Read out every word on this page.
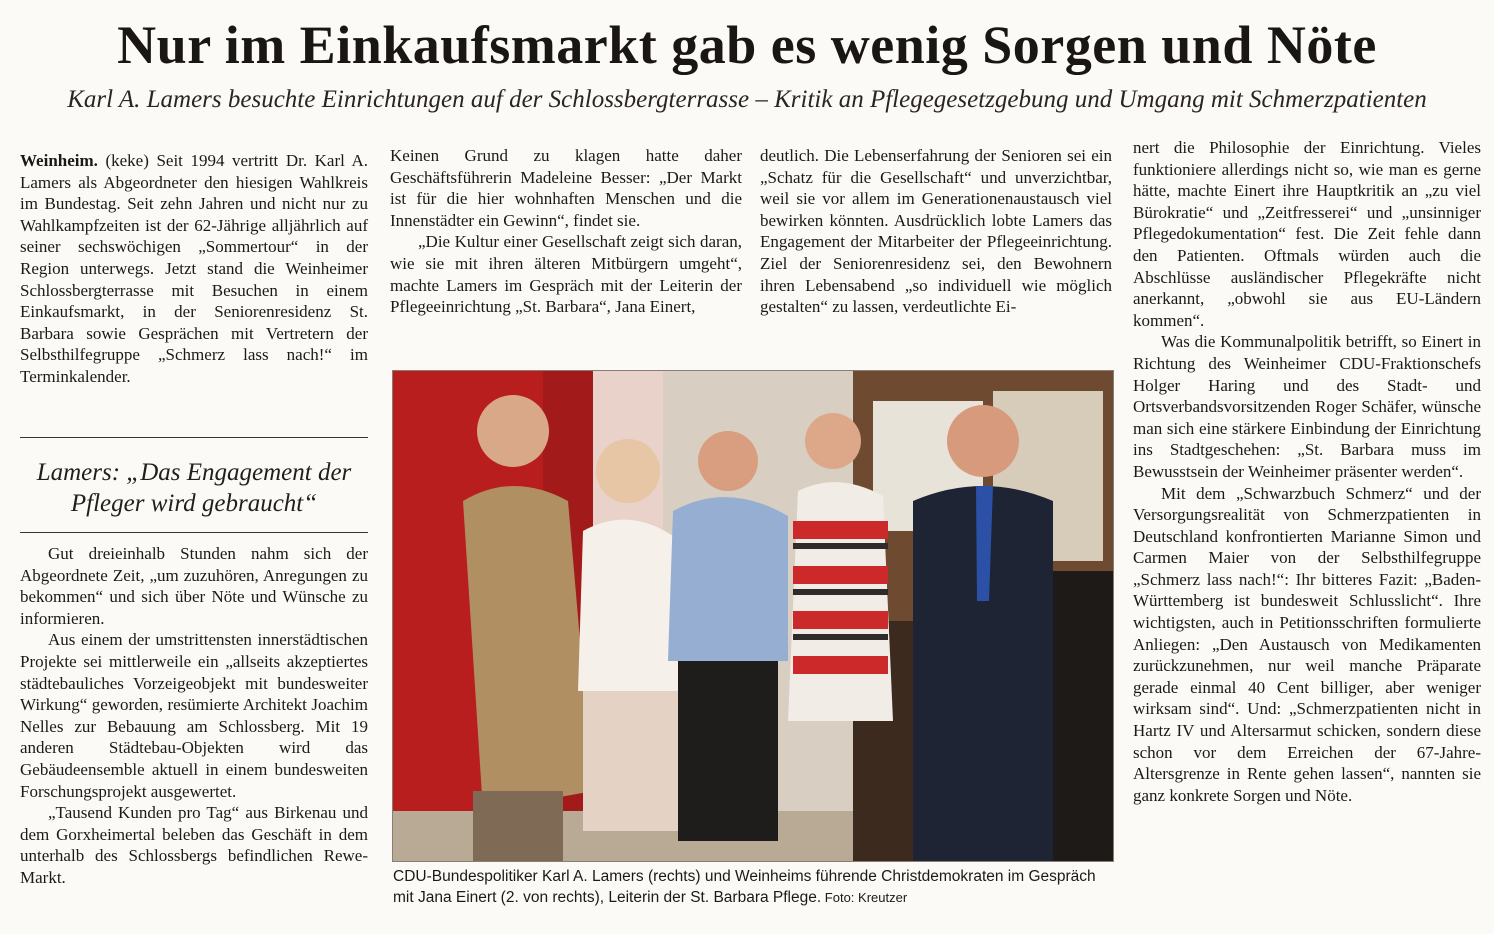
Nur im Einkaufsmarkt gab es wenig Sorgen und Nöte
Karl A. Lamers besuchte Einrichtungen auf der Schlossbergterrasse – Kritik an Pflegegesetzgebung und Umgang mit Schmerzpatienten

Weinheim. (keke) Seit 1994 vertritt Dr. Karl A. Lamers als Abgeordneter den hiesigen Wahlkreis im Bundestag. Seit zehn Jahren und nicht nur zu Wahlkampfzeiten ist der 62-Jährige alljährlich auf seiner sechswöchigen „Sommertour“ in der Region unterwegs. Jetzt stand die Weinheimer Schlossbergterrasse mit Besuchen in einem Einkaufsmarkt, in der Seniorenresidenz St. Barbara sowie Gesprächen mit Vertretern der Selbsthilfegruppe „Schmerz lass nach!“ im Terminkalender.

Lamers: „Das Engagement der Pfleger wird gebraucht“

Gut dreieinhalb Stunden nahm sich der Abgeordnete Zeit, „um zuzuhören, Anregungen zu bekommen“ und sich über Nöte und Wünsche zu informieren.

Aus einem der umstrittensten innerstädtischen Projekte sei mittlerweile ein „allseits akzeptiertes städtebauliches Vorzeigeobjekt mit bundesweiter Wirkung“ geworden, resümierte Architekt Joachim Nelles zur Bebauung am Schlossberg. Mit 19 anderen Städtebau-Objekten wird das Gebäudeensemble aktuell in einem bundesweiten Forschungsprojekt ausgewertet.

„Tausend Kunden pro Tag“ aus Birkenau und dem Gorxheimertal beleben das Geschäft in dem unterhalb des Schlossbergs befindlichen Rewe-Markt.

Keinen Grund zu klagen hatte daher Geschäftsführerin Madeleine Besser: „Der Markt ist für die hier wohnhaften Menschen und die Innenstädter ein Gewinn“, findet sie.

„Die Kultur einer Gesellschaft zeigt sich daran, wie sie mit ihren älteren Mitbürgern umgeht“, machte Lamers im Gespräch mit der Leiterin der Pflegeeinrichtung „St. Barbara“, Jana Einert,

deutlich. Die Lebenserfahrung der Senioren sei ein „Schatz für die Gesellschaft“ und unverzichtbar, weil sie vor allem im Generationenaustausch viel bewirken könnten. Ausdrücklich lobte Lamers das Engagement der Mitarbeiter der Pflegeeinrichtung. Ziel der Seniorenresidenz sei, den Bewohnern ihren Lebensabend „so individuell wie möglich gestalten“ zu lassen, verdeutlichte Ei-

nert die Philosophie der Einrichtung. Vieles funktioniere allerdings nicht so, wie man es gerne hätte, machte Einert ihre Hauptkritik an „zu viel Bürokratie“ und „Zeitfresserei“ und „unsinniger Pflegedokumentation“ fest. Die Zeit fehle dann den Patienten. Oftmals würden auch die Abschlüsse ausländischer Pflegekräfte nicht anerkannt, „obwohl sie aus EU-Ländern kommen“.

Was die Kommunalpolitik betrifft, so Einert in Richtung des Weinheimer CDU-Fraktionschefs Holger Haring und des Stadt- und Ortsverbandsvorsitzenden Roger Schäfer, wünsche man sich eine stärkere Einbindung der Einrichtung ins Stadtgeschehen: „St. Barbara muss im Bewusstsein der Weinheimer präsenter werden“.

Mit dem „Schwarzbuch Schmerz“ und der Versorgungsrealität von Schmerzpatienten in Deutschland konfrontierten Marianne Simon und Carmen Maier von der Selbsthilfegruppe „Schmerz lass nach!“: Ihr bitteres Fazit: „Baden-Württemberg ist bundesweit Schlusslicht“. Ihre wichtigsten, auch in Petitionsschriften formulierte Anliegen: „Den Austausch von Medikamenten zurückzunehmen, nur weil manche Präparate gerade einmal 40 Cent billiger, aber weniger wirksam sind“. Und: „Schmerzpatienten nicht in Hartz IV und Altersarmut schicken, sondern diese schon vor dem Erreichen der 67-Jahre-Altersgrenze in Rente gehen lassen“, nannten sie ganz konkrete Sorgen und Nöte.

CDU-Bundespolitiker Karl A. Lamers (rechts) und Weinheims führende Christdemokraten im Gespräch mit Jana Einert (2. von rechts), Leiterin der St. Barbara Pflege. Foto: Kreutzer
